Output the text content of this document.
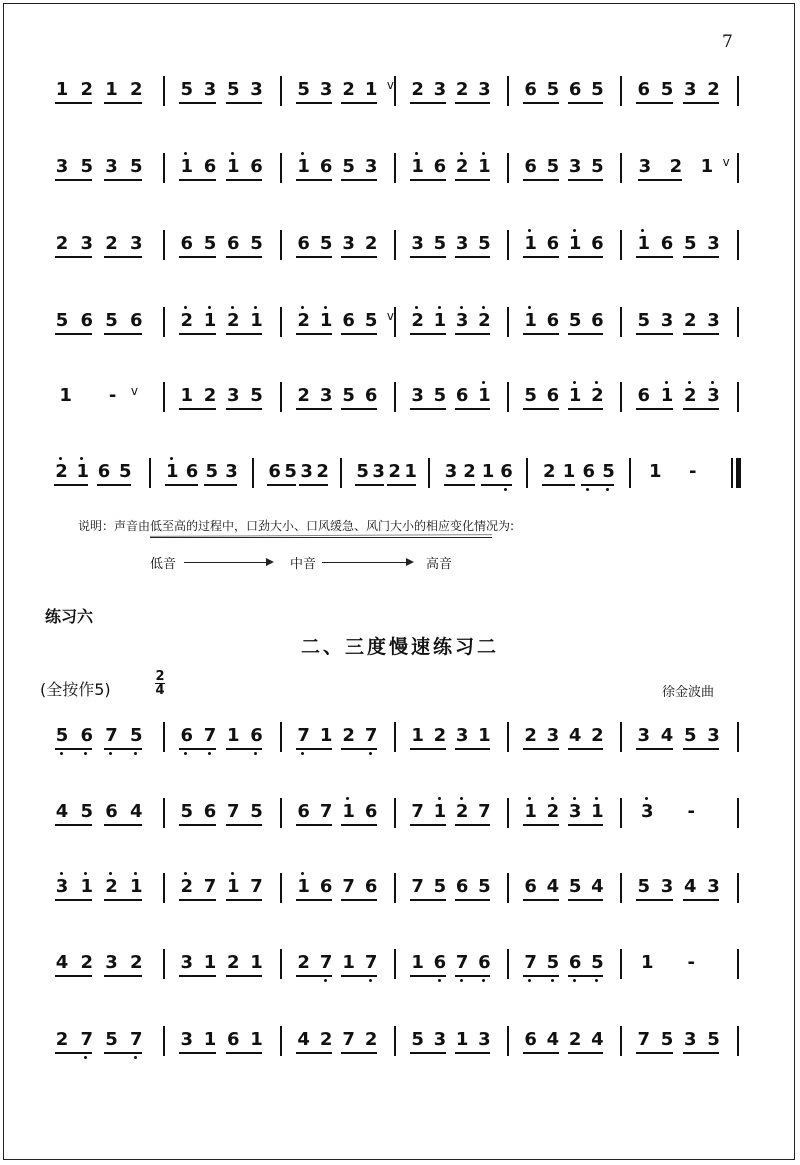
7
1 2 1 2 5 3 5 3 5 3 2 1 v 2 3 2 3 6 5 6 5 6 5 3 2
3 5 3 5 1 6 1 6 1 6 5 3 1 6 2 1 6 5 3 5 3 2 1 v
2 3 2 3 6 5 6 5 6 5 3 2 3 5 3 5 1 6 1 6 1 6 5 3
5 6 5 6 2 1 2 1 2 1 6 5 v 2 1 3 2 1 6 5 6 5 3 2 3
1 - v 1 2 3 5 2 3 5 6 3 5 6 1 5 6 1 2 6 1 2 3
2 1 6 5 1 6 5 3 6 5 3 2 5 3 2 1 3 2 1 6 2 1 6 5 1 -
5 6 7 5 6 7 1 6 7 1 2 7 1 2 3 1 2 3 4 2 3 4 5 3
4 5 6 4 5 6 7 5 6 7 1 6 7 1 2 7 1 2 3 1 3 -
3 1 2 1 2 7 1 7 1 6 7 6 7 5 6 5 6 4 5 4 5 3 4 3
4 2 3 2 3 1 2 1 2 7 1 7 1 6 7 6 7 5 6 5 1 -
2 7 5 7 3 1 6 1 4 2 7 2 5 3 1 3 6 4 2 4 7 5 3 5
说明：声音由低至高的过程中，口劲大小、口风缓急、风门大小的相应变化情况为:
低音	中音	高音
练习六
二、三度慢速练习二
(全按作5)
2
4	徐金波曲
